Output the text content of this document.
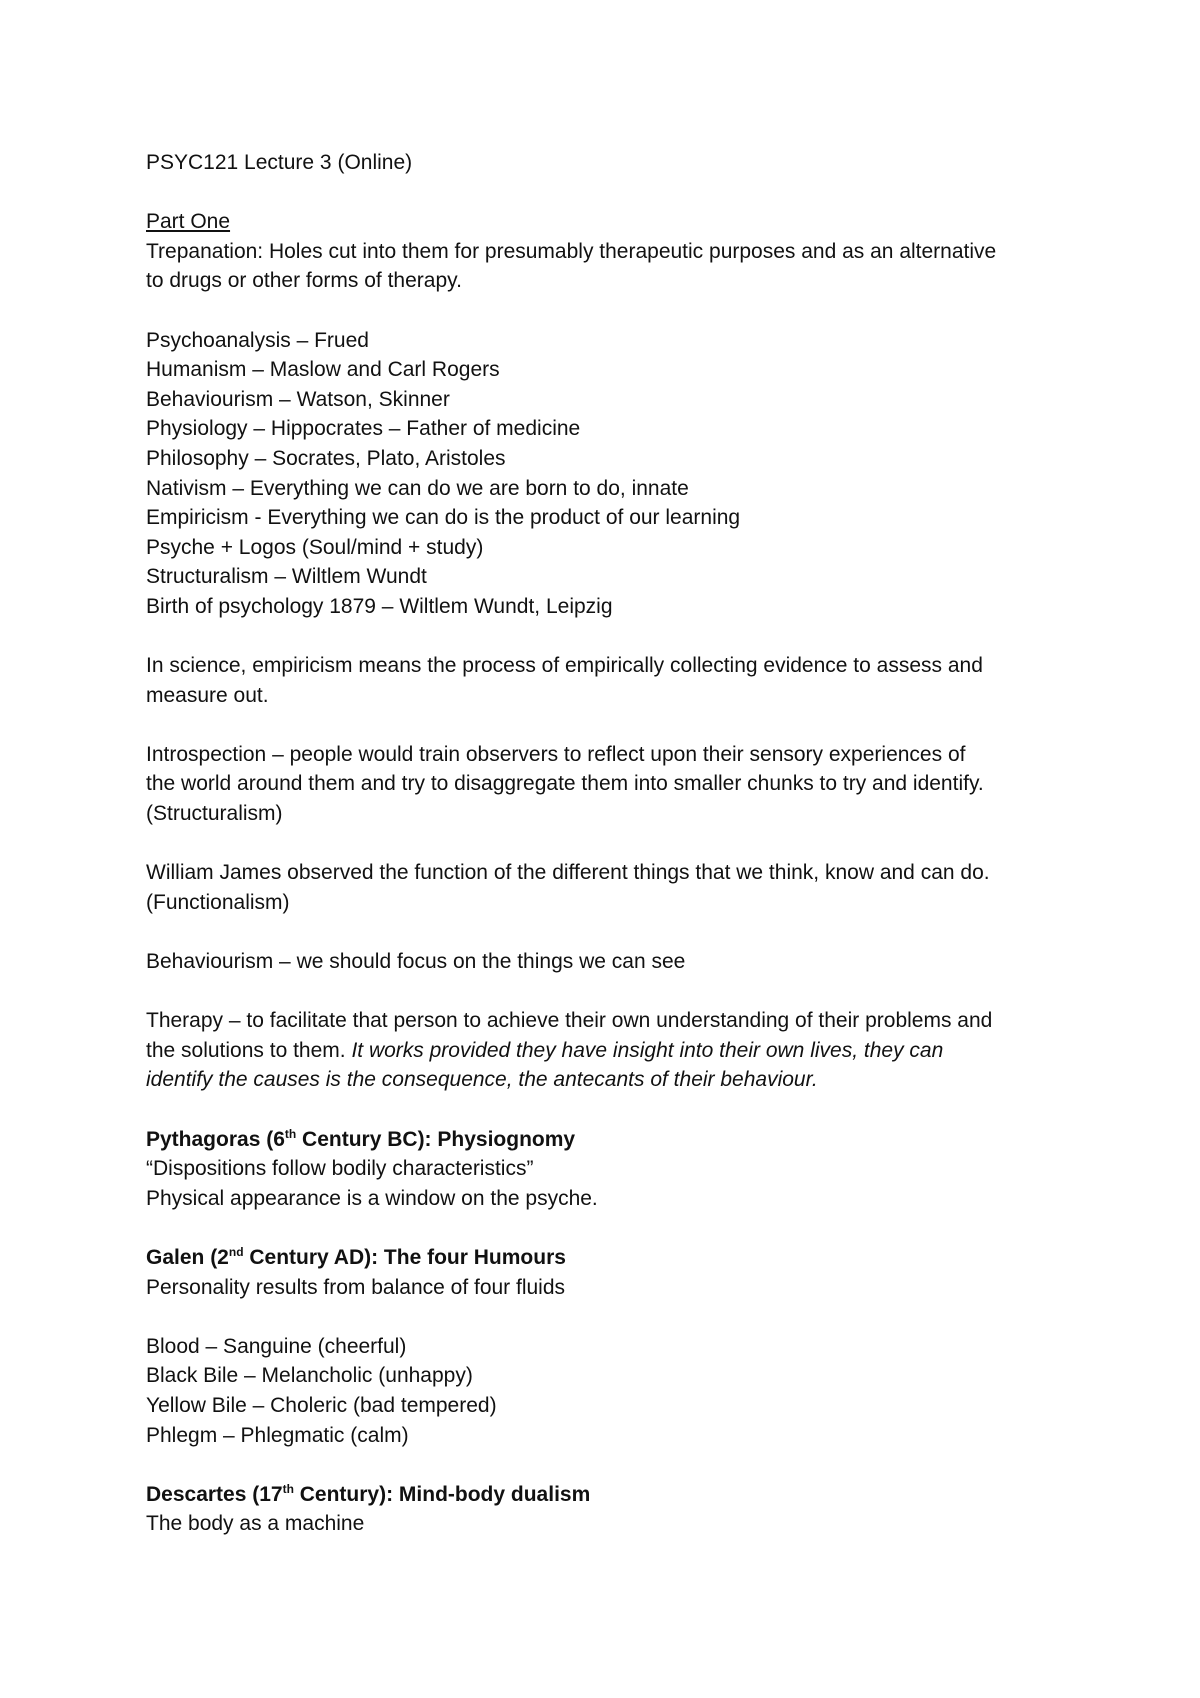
PSYC121 Lecture 3 (Online)
Part One
Trepanation: Holes cut into them for presumably therapeutic purposes and as an alternative
to drugs or other forms of therapy.
Psychoanalysis – Frued
Humanism – Maslow and Carl Rogers
Behaviourism – Watson, Skinner
Physiology – Hippocrates – Father of medicine
Philosophy – Socrates, Plato, Aristoles
Nativism – Everything we can do we are born to do, innate
Empiricism - Everything we can do is the product of our learning
Psyche + Logos (Soul/mind + study)
Structuralism – Wiltlem Wundt
Birth of psychology 1879 – Wiltlem Wundt, Leipzig
In science, empiricism means the process of empirically collecting evidence to assess and
measure out.
Introspection – people would train observers to reflect upon their sensory experiences of
the world around them and try to disaggregate them into smaller chunks to try and identify.
(Structuralism)
William James observed the function of the different things that we think, know and can do.
(Functionalism)
Behaviourism – we should focus on the things we can see
Therapy – to facilitate that person to achieve their own understanding of their problems and
the solutions to them. It works provided they have insight into their own lives, they can
identify the causes is the consequence, the antecants of their behaviour.
Pythagoras (6th Century BC): Physiognomy
“Dispositions follow bodily characteristics”
Physical appearance is a window on the psyche.
Galen (2nd Century AD): The four Humours
Personality results from balance of four fluids
Blood – Sanguine (cheerful)
Black Bile – Melancholic (unhappy)
Yellow Bile – Choleric (bad tempered)
Phlegm – Phlegmatic (calm)
Descartes (17th Century): Mind-body dualism
The body as a machine
